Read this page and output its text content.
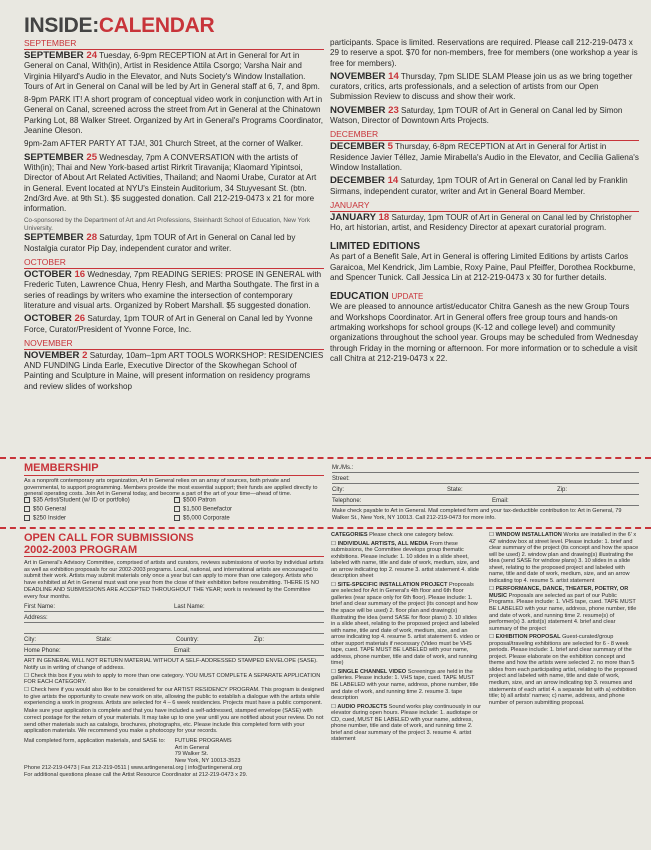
INSIDE:CALENDAR
SEPTEMBER
SEPTEMBER 24 Tuesday, 6-9pm RECEPTION at Art in General for Art in General on Canal, With(in), Artist in Residence Attila Csorgo; Varsha Nair and Virginia Hilyard's Audio in the Elevator, and Nuts Society's Window Installation. Tours of Art in General on Canal will be led by Art in General staff at 6, 7, and 8pm.
8-9pm PARK IT! A short program of conceptual video work in conjunction with Art in General on Canal, screened across the street from Art in General at the Chinatown Parking Lot, 88 Walker Street. Organized by Art in General's Programs Coordinator, Jeanine Oleson.
9pm-2am AFTER PARTY AT TJA!, 301 Church Street, at the corner of Walker.
SEPTEMBER 25 Wednesday, 7pm A CONVERSATION with the artists of With(in); Thai and New York-based artist Rirkrit Tiravanija; Klaomard Yipintsoi, Director of About Art Related Activities, Thailand; and Naomi Urabe, Curator at Art in General. Event located at NYU's Einstein Auditorium, 34 Stuyvesant St. (btn. 2nd/3rd Ave. at 9th St.). $5 suggested donation. Call 212-219-0473 x 21 for more information.
Co-sponsored by the Department of Art and Art Professions, Steinhardt School of Education, New York University.
SEPTEMBER 28 Saturday, 1pm TOUR of Art in General on Canal led by Nostalgia curator Pip Day, independent curator and writer.
OCTOBER
OCTOBER 16 Wednesday, 7pm READING SERIES: PROSE IN GENERAL with Frederic Tuten, Lawrence Chua, Henry Flesh, and Martha Southgate. The first in a series of readings by writers who examine the intersection of contemporary literature and visual arts. Organized by Robert Marshall. $5 suggested donation.
OCTOBER 26 Saturday, 1pm TOUR of Art in General on Canal led by Yvonne Force, Curator/President of Yvonne Force, Inc.
NOVEMBER
NOVEMBER 2 Saturday, 10am–1pm ART TOOLS WORKSHOP: RESIDENCIES AND FUNDING Linda Earle, Executive Director of the Skowhegan School of Painting and Sculpture in Maine, will present information on residency programs and review slides of workshop
participants. Space is limited. Reservations are required. Please call 212-219-0473 x 29 to reserve a spot. $70 for non-members, free for members (one workshop a year is free for members).
NOVEMBER 14 Thursday, 7pm SLIDE SLAM Please join us as we bring together curators, critics, arts professionals, and a selection of artists from our Open Submission Review to discuss and show their work.
NOVEMBER 23 Saturday, 1pm TOUR of Art in General on Canal led by Simon Watson, Director of Downtown Arts Projects.
DECEMBER
DECEMBER 5 Thursday, 6-8pm RECEPTION at Art in General for Artist in Residence Javier Téllez, Jamie Mirabella's Audio in the Elevator, and Cecilia Galiena's Window Installation.
DECEMBER 14 Saturday, 1pm TOUR of Art in General on Canal led by Franklin Sirmans, independent curator, writer and Art in General Board Member.
JANUARY
JANUARY 18 Saturday, 1pm TOUR of Art in General on Canal led by Christopher Ho, art historian, artist, and Residency Director at apexart curatorial program.
LIMITED EDITIONS
As part of a Benefit Sale, Art in General is offering Limited Editions by artists Carlos Garaicoa, Mel Kendrick, Jim Lambie, Roxy Paine, Paul Pfeiffer, Dorothea Rockburne, and Spencer Tunick. Call Jessica Lin at 212-219-0473 x 30 for further details.
EDUCATION UPDATE
We are pleased to announce artist/educator Chitra Ganesh as the new Group Tours and Workshops Coordinator. Art in General offers free group tours and hands-on artmaking workshops for school groups (K-12 and college level) and community organizations throughout the school year. Groups may be scheduled from Wednesday through Friday in the morning or afternoon. For more information or to schedule a visit call Chitra at 212-219-0473 x 22.
MEMBERSHIP
As a nonprofit contemporary arts organization, Art in General relies on an array of sources, both private and governmental, to support programming. Members provide the most essential support; their funds are applied directly to general operating costs. Join Art in General today, and become a part of the art of your time—ahead of time.
$35 Artist/Student (w/ ID or portfolio)
$50 General
$250 Insider
$500 Patron
$1,500 Benefactor
$5,000 Corporate
Mr./Ms.:
Street:
City:	State:	Zip:
Telephone:	Email:
Make check payable to Art in General. Mail completed form and your tax-deductible contribution to: Art in General, 79 Walker St., New York, NY 10013. Call 212-219-0473 for more info.
OPEN CALL FOR SUBMISSIONS
2002-2003 PROGRAM

Art in General's Advisory Committee, comprised of artists and curators, reviews submissions of works by individual artists as well as exhibition proposals for our 2002-2003 programs. Local, national, and international artists are encouraged to submit their work. Artists may submit materials only once a year but can apply to more than one category. Artists who have exhibited at Art in General must wait one year from the close of their exhibition before resubmitting. THERE IS NO DEADLINE AND SUBMISSIONS ARE ACCEPTED THROUGHOUT THE YEAR; work is reviewed by the Committee every four months.

First Name:	Last Name:
Address:
City:	State:	Country:	Zip:
Home Phone:	Email:

ART IN GENERAL WILL NOT RETURN MATERIAL WITHOUT A SELF-ADDRESSED STAMPED ENVELOPE (SASE). Notify us in writing of change of address.

☐ Check this box if you wish to apply to more than one category. YOU MUST COMPLETE A SEPARATE APPLICATION FOR EACH CATEGORY.

☐ Check here if you would also like to be considered for our ARTIST RESIDENCY PROGRAM. This program is designed to give artists the opportunity to create new work on site, allowing the public to establish a dialogue with the artists while experiencing a work in progress. Artists are selected for 4 – 6 week residencies. Projects must have a public component.

Make sure your application is complete and that you have included a self-addressed, stamped envelope (SASE) with correct postage for the return of your materials. It may take up to one year until you are notified about your review. Do not send other materials such as catalogs, brochures, photographs, etc. Please include this completed form with your application materials. We recommend you make a photocopy for your records.

Mail completed form, application materials, and SASE to: FUTURE PROGRAMS
Art in General
79 Walker St.
New York, NY 10013-3523

Phone 212-219-0473 | Fax 212-219-0511 | www.artingeneral.org | info@artingeneral.org

For additional questions please call the Artist Resource Coordinator at 212-219-0473 x 29.

CATEGORIES Please check one category below.
☐ INDIVIDUAL ARTISTS, ALL MEDIA From these submissions, the Committee develops group thematic exhibitions. Please include: 1. 10 slides in a slide sheet, labeled with name, title and date of work, medium, size, and an arrow indicating top 2. resume 3. artist statement 4. slide description sheet
☐ SITE-SPECIFIC INSTALLATION PROJECT Proposals are selected for Art in General's 4th floor and 6th floor galleries (rear space only for 6th floor). Please include: 1. brief and clear summary of the project (its concept and how the space will be used) 2. floor plan and drawing(s) illustrating the idea (send SASE for floor plans) 3. 10 slides in a slide sheet, relating to the proposed project and labeled with name, title and date of work, medium, size, and an arrow indicating top 4. resume 5. artist statement 6. video or other support materials if necessary (Video must be VHS tape, cued. TAPE MUST BE LABELED with your name, address, phone number, title and date of work, and running time)
☐ SINGLE CHANNEL VIDEO Screenings are held in the galleries. Please include: 1. VHS tape, cued. TAPE MUST BE LABELED with your name, address, phone number, title and date of work, and running time 2. resume 3. tape description
☐ AUDIO PROJECTS Sound works play continuously in our elevator during open hours. Please include: 1. audiotape or CD, cued, MUST BE LABELED with your name, address, phone number, title and date of work, and running time 2. brief and clear summary of the project 3. resume 4. artist statement
☐ WINDOW INSTALLATION Works are installed in the 6' x 42' window box at street level. Please include: 1. brief and clear summary of the project (its concept and how the space will be used) 2. window plan and drawing(s) illustrating the idea (send SASE for window plans) 3. 10 slides in a slide sheet, relating to the proposed project and labeled with name, title and date of work, medium, size, and an arrow indicating top 4. resume 5. artist statement
☐ PERFORMANCE, DANCE, THEATER, POETRY, OR MUSIC Proposals are selected as part of our Public Programs. Please include: 1. VHS tape, cued. TAPE MUST BE LABELED with your name, address, phone number, title and date of work, and running time 2. resume(s) of performer(s) 3. artist(s) statement 4. brief and clear summary of the project
☐ EXHIBITION PROPOSAL Guest-curated/group proposal/traveling exhibitions are selected for 6 - 8 week periods. Please include: 1. brief and clear summary of the project. Please elaborate on the exhibition concept and theme and how the artists were selected 2. no more than 5 slides from each participating artist, relating to the proposed project and labeled with name, title and date of work, medium, size, and an arrow indicating top 3. resumes and statements of each artist 4. a separate list with a) exhibition title; b) all artists' names; c) name, address, and phone number of person submitting proposal.
